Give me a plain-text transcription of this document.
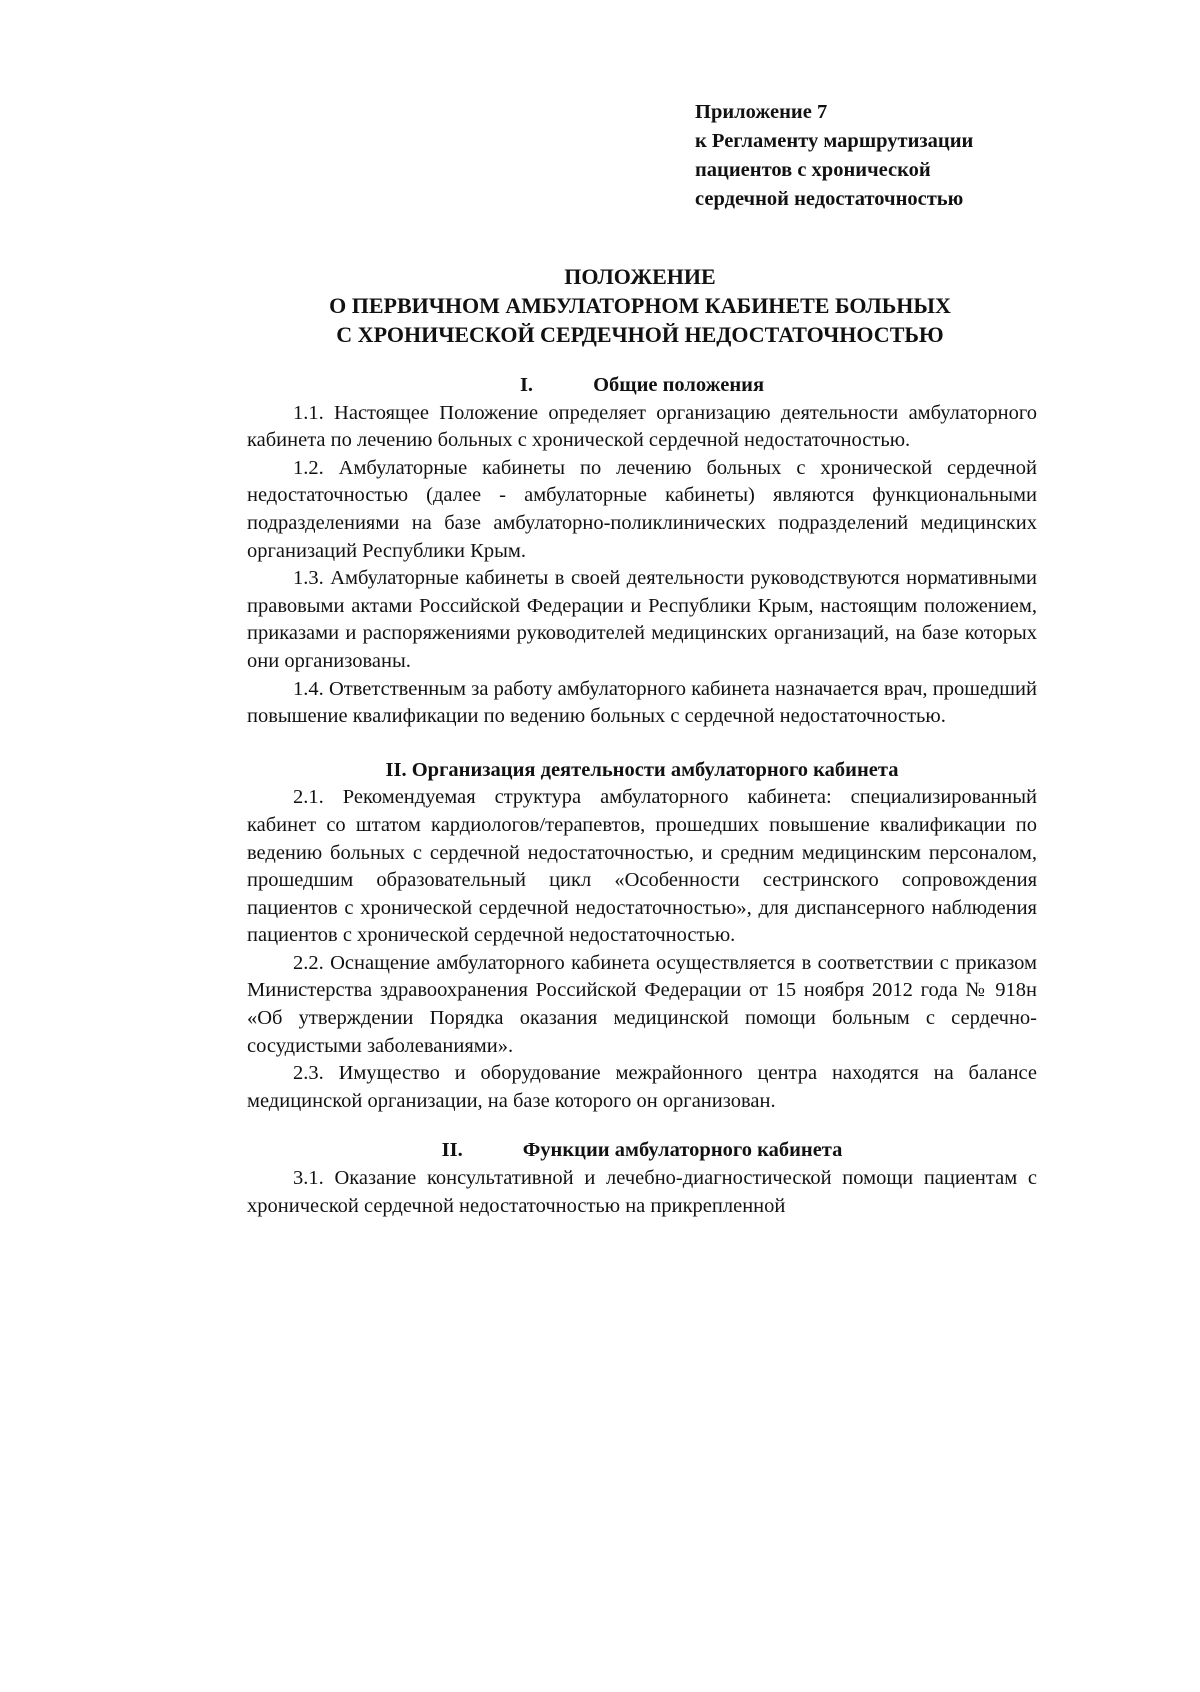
Приложение 7
к Регламенту маршрутизации
пациентов с хронической
сердечной недостаточностью
ПОЛОЖЕНИЕ
О ПЕРВИЧНОМ АМБУЛАТОРНОМ КАБИНЕТЕ БОЛЬНЫХ
С ХРОНИЧЕСКОЙ СЕРДЕЧНОЙ НЕДОСТАТОЧНОСТЬЮ

I.	Общие положения

1.1. Настоящее Положение определяет организацию деятельности амбулаторного кабинета по лечению больных с хронической сердечной недостаточностью.

1.2. Амбулаторные кабинеты по лечению больных с хронической сердечной недостаточностью (далее - амбулаторные кабинеты) являются функциональными подразделениями на базе амбулаторно-поликлинических подразделений медицинских организаций Республики Крым.

1.3. Амбулаторные кабинеты в своей деятельности руководствуются нормативными правовыми актами Российской Федерации и Республики Крым, настоящим положением, приказами и распоряжениями руководителей медицинских организаций, на базе которых они организованы.

1.4. Ответственным за работу амбулаторного кабинета назначается врач, прошедший повышение квалификации по ведению больных с сердечной недостаточностью.

II. Организация деятельности амбулаторного кабинета

2.1. Рекомендуемая структура амбулаторного кабинета: специализированный кабинет со штатом кардиологов/терапевтов, прошедших повышение квалификации по ведению больных с сердечной недостаточностью, и средним медицинским персоналом, прошедшим образовательный цикл «Особенности сестринского сопровождения пациентов с хронической сердечной недостаточностью», для диспансерного наблюдения пациентов с хронической сердечной недостаточностью.

2.2. Оснащение амбулаторного кабинета осуществляется в соответствии с приказом Министерства здравоохранения Российской Федерации от 15 ноября 2012 года № 918н «Об утверждении Порядка оказания медицинской помощи больным с сердечно-сосудистыми заболеваниями».

2.3. Имущество и оборудование межрайонного центра находятся на балансе медицинской организации, на базе которого он организован.

II.	Функции амбулаторного кабинета

3.1. Оказание консультативной и лечебно-диагностической помощи пациентам с хронической сердечной недостаточностью на прикрепленной
